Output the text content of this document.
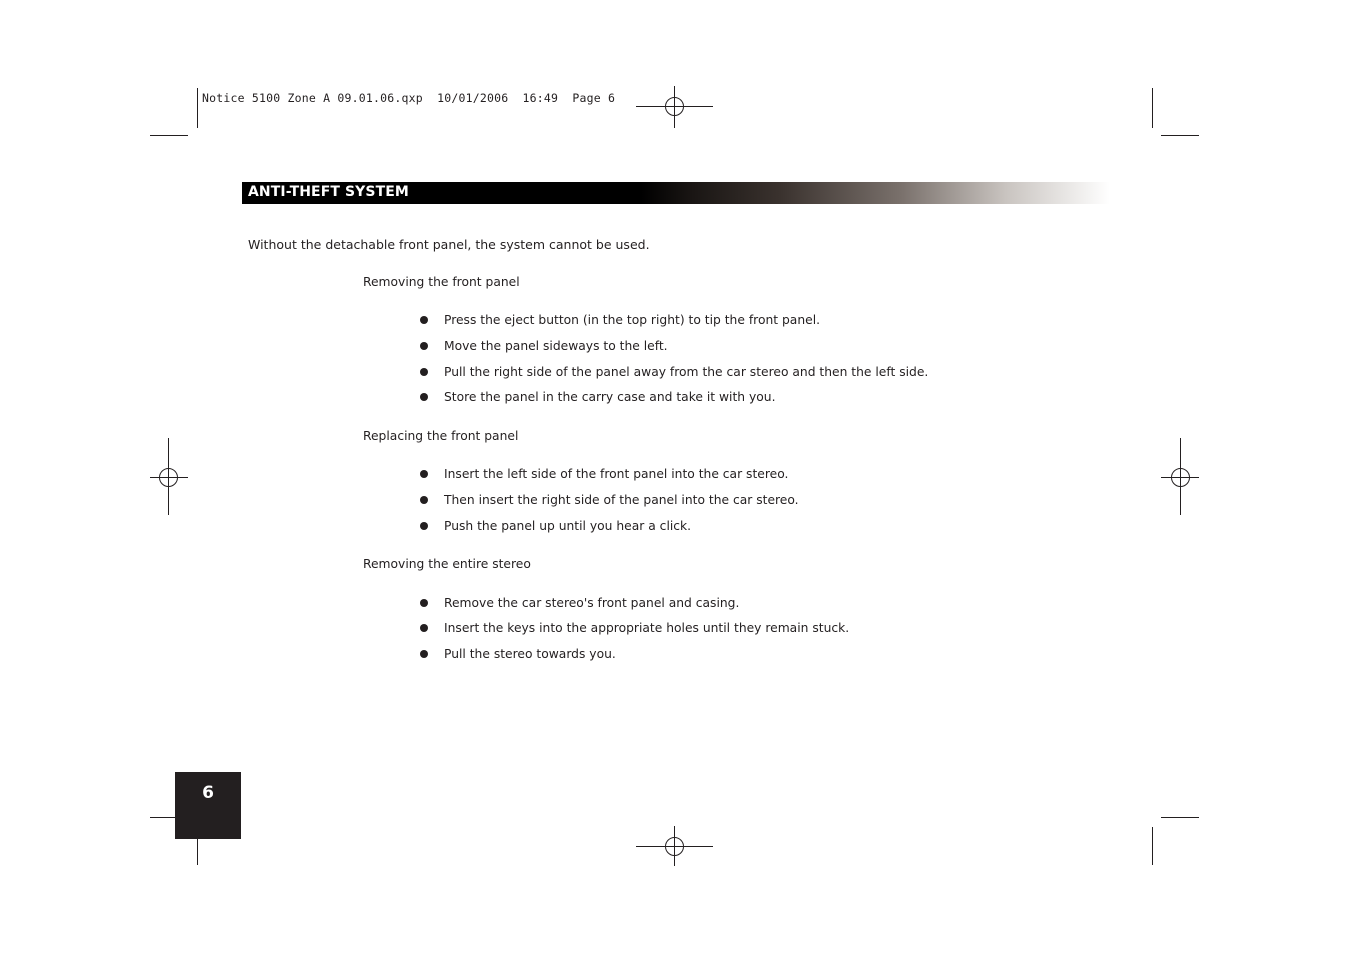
Notice 5100 Zone A 09.01.06.qxp  10/01/2006  16:49  Page 6
ANTI-THEFT SYSTEM
Without the detachable front panel, the system cannot be used.
Removing the front panel
Press the eject button (in the top right) to tip the front panel.
Move the panel sideways to the left.
Pull the right side of the panel away from the car stereo and then the left side.
Store the panel in the carry case and take it with you.
Replacing the front panel
Insert the left side of the front panel into the car stereo.
Then insert the right side of the panel into the car stereo.
Push the panel up until you hear a click.
Removing the entire stereo
Remove the car stereo's front panel and casing.
Insert the keys into the appropriate holes until they remain stuck.
Pull the stereo towards you.
6
